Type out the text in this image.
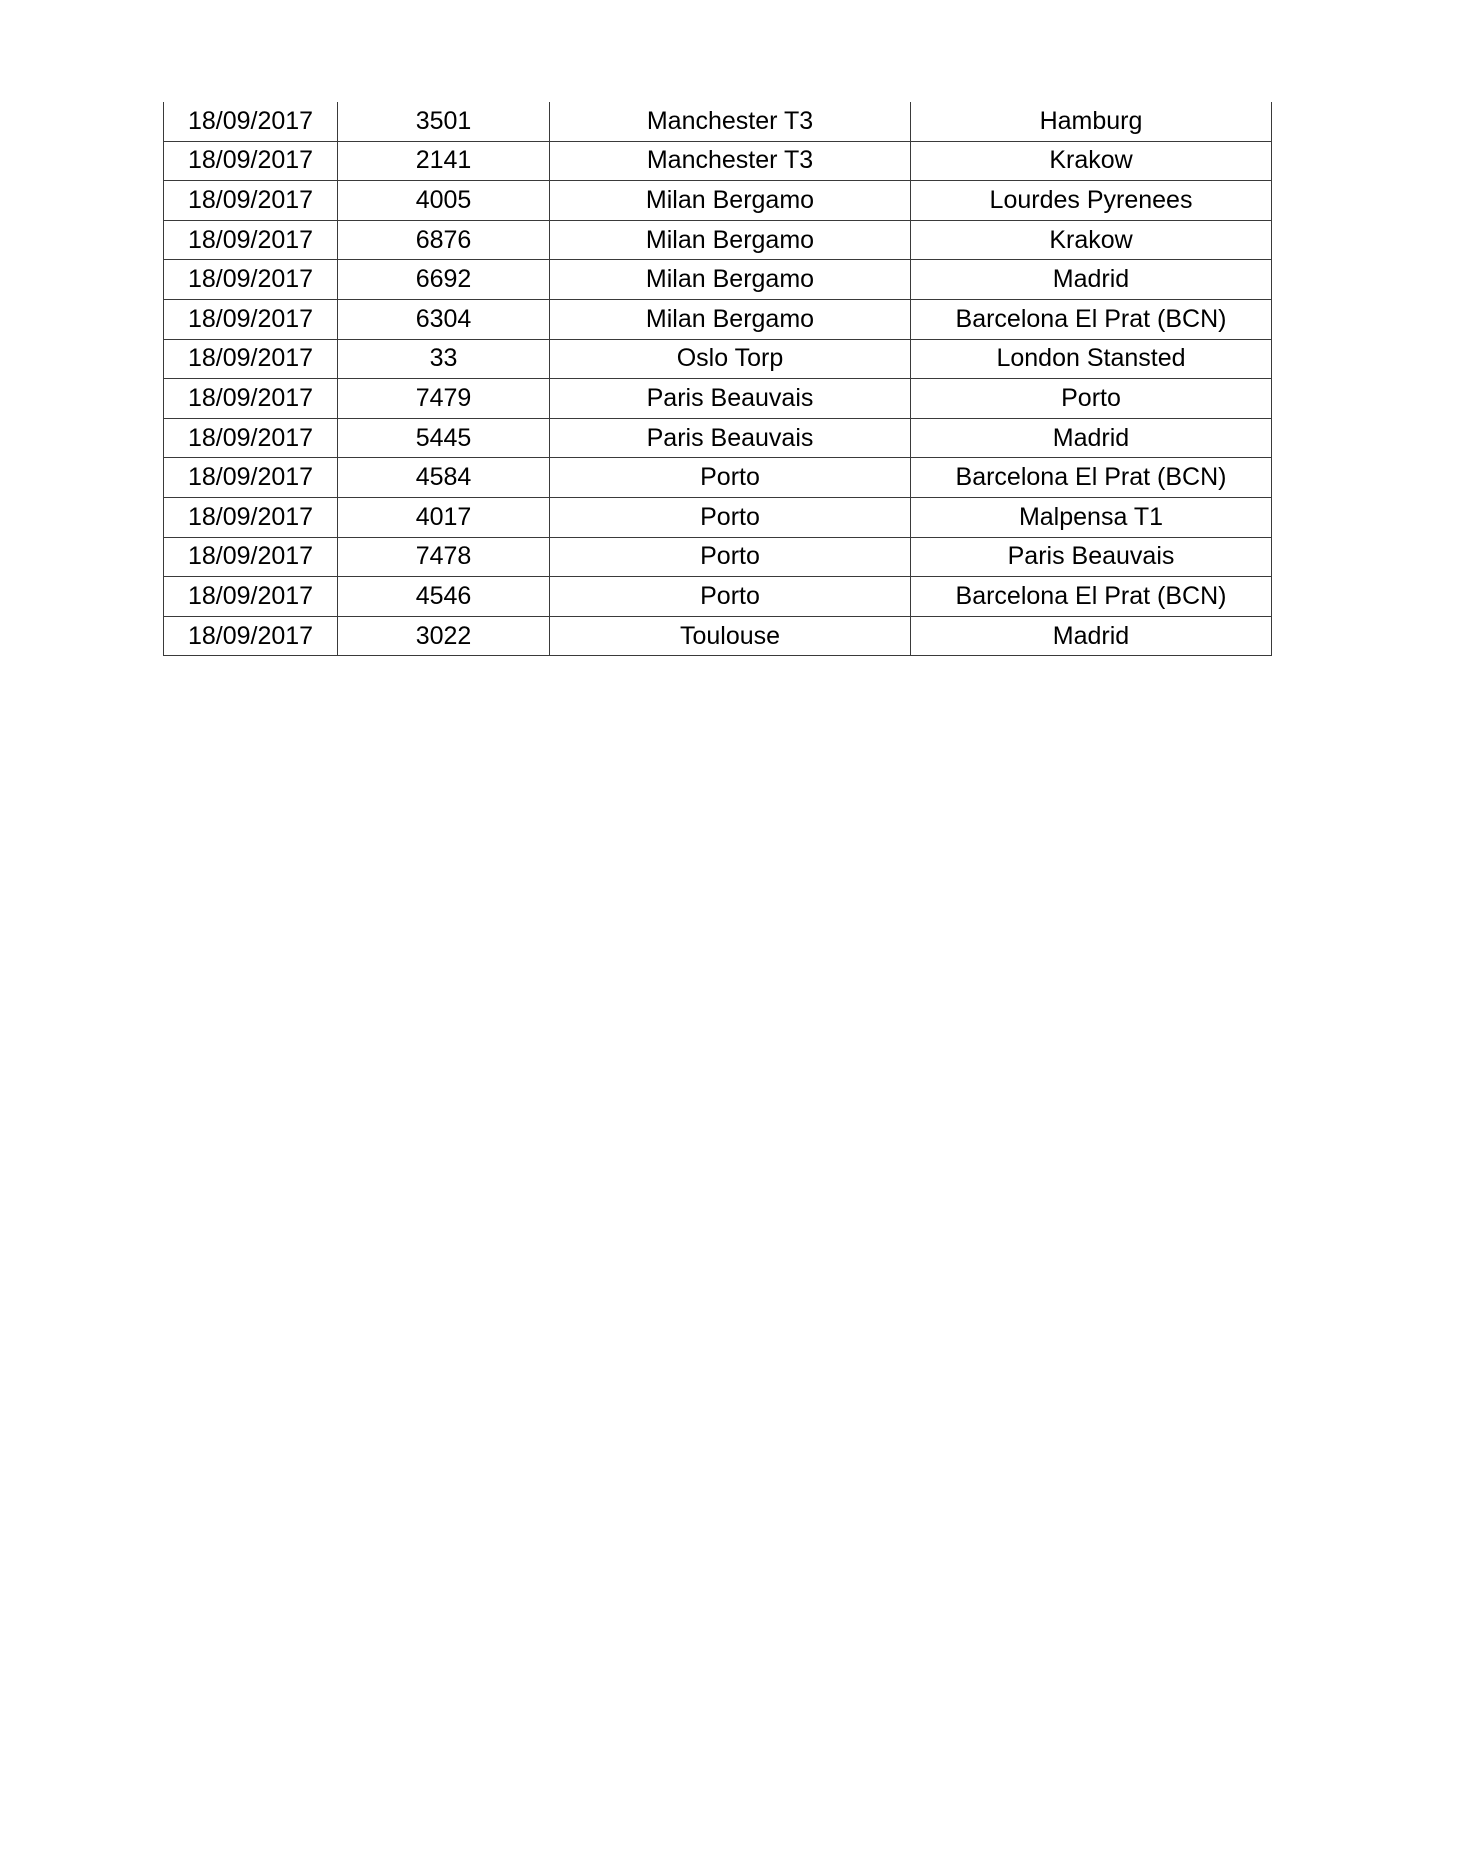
18/09/2017	3501	Manchester T3	Hamburg
18/09/2017	2141	Manchester T3	Krakow
18/09/2017	4005	Milan Bergamo	Lourdes Pyrenees
18/09/2017	6876	Milan Bergamo	Krakow
18/09/2017	6692	Milan Bergamo	Madrid
18/09/2017	6304	Milan Bergamo	Barcelona El Prat (BCN)
18/09/2017	33	Oslo Torp	London Stansted
18/09/2017	7479	Paris Beauvais	Porto
18/09/2017	5445	Paris Beauvais	Madrid
18/09/2017	4584	Porto	Barcelona El Prat (BCN)
18/09/2017	4017	Porto	Malpensa T1
18/09/2017	7478	Porto	Paris Beauvais
18/09/2017	4546	Porto	Barcelona El Prat (BCN)
18/09/2017	3022	Toulouse	Madrid
